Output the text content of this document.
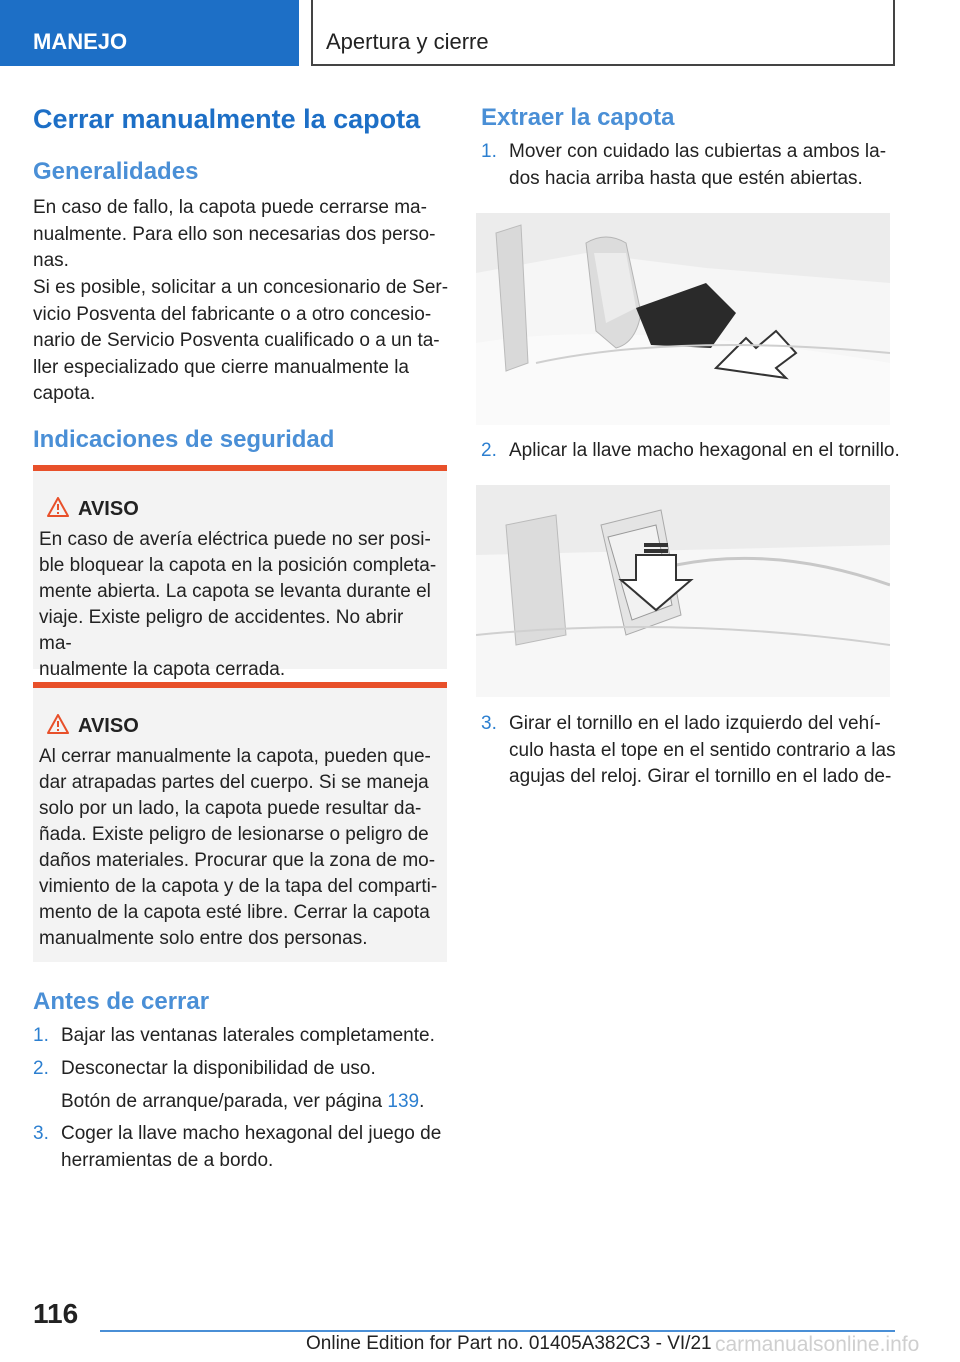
MANEJO	Apertura y cierre
Cerrar manualmente la capota
Generalidades
En caso de fallo, la capota puede cerrarse ma-
nualmente. Para ello son necesarias dos perso-
nas.
Si es posible, solicitar a un concesionario de Ser-
vicio Posventa del fabricante o a otro concesio-
nario de Servicio Posventa cualificado o a un ta-
ller especializado que cierre manualmente la
capota.
Indicaciones de seguridad
AVISO
En caso de avería eléctrica puede no ser posi-
ble bloquear la capota en la posición completa-
mente abierta. La capota se levanta durante el
viaje. Existe peligro de accidentes. No abrir ma-
nualmente la capota cerrada.
AVISO
Al cerrar manualmente la capota, pueden que-
dar atrapadas partes del cuerpo. Si se maneja
solo por un lado, la capota puede resultar da-
ñada. Existe peligro de lesionarse o peligro de
daños materiales. Procurar que la zona de mo-
vimiento de la capota y de la tapa del comparti-
mento de la capota esté libre. Cerrar la capota
manualmente solo entre dos personas.
Antes de cerrar
1. Bajar las ventanas laterales completamente.
2. Desconectar la disponibilidad de uso.
Botón de arranque/parada, ver página 139.
3. Coger la llave macho hexagonal del juego de
herramientas de a bordo.
Extraer la capota
1. Mover con cuidado las cubiertas a ambos la-
dos hacia arriba hasta que estén abiertas.
2. Aplicar la llave macho hexagonal en el tornillo.
3. Girar el tornillo en el lado izquierdo del vehí-
culo hasta el tope en el sentido contrario a las
agujas del reloj. Girar el tornillo en el lado de-
116
Online Edition for Part no. 01405A382C3 - VI/21 carmanualsonline.info
